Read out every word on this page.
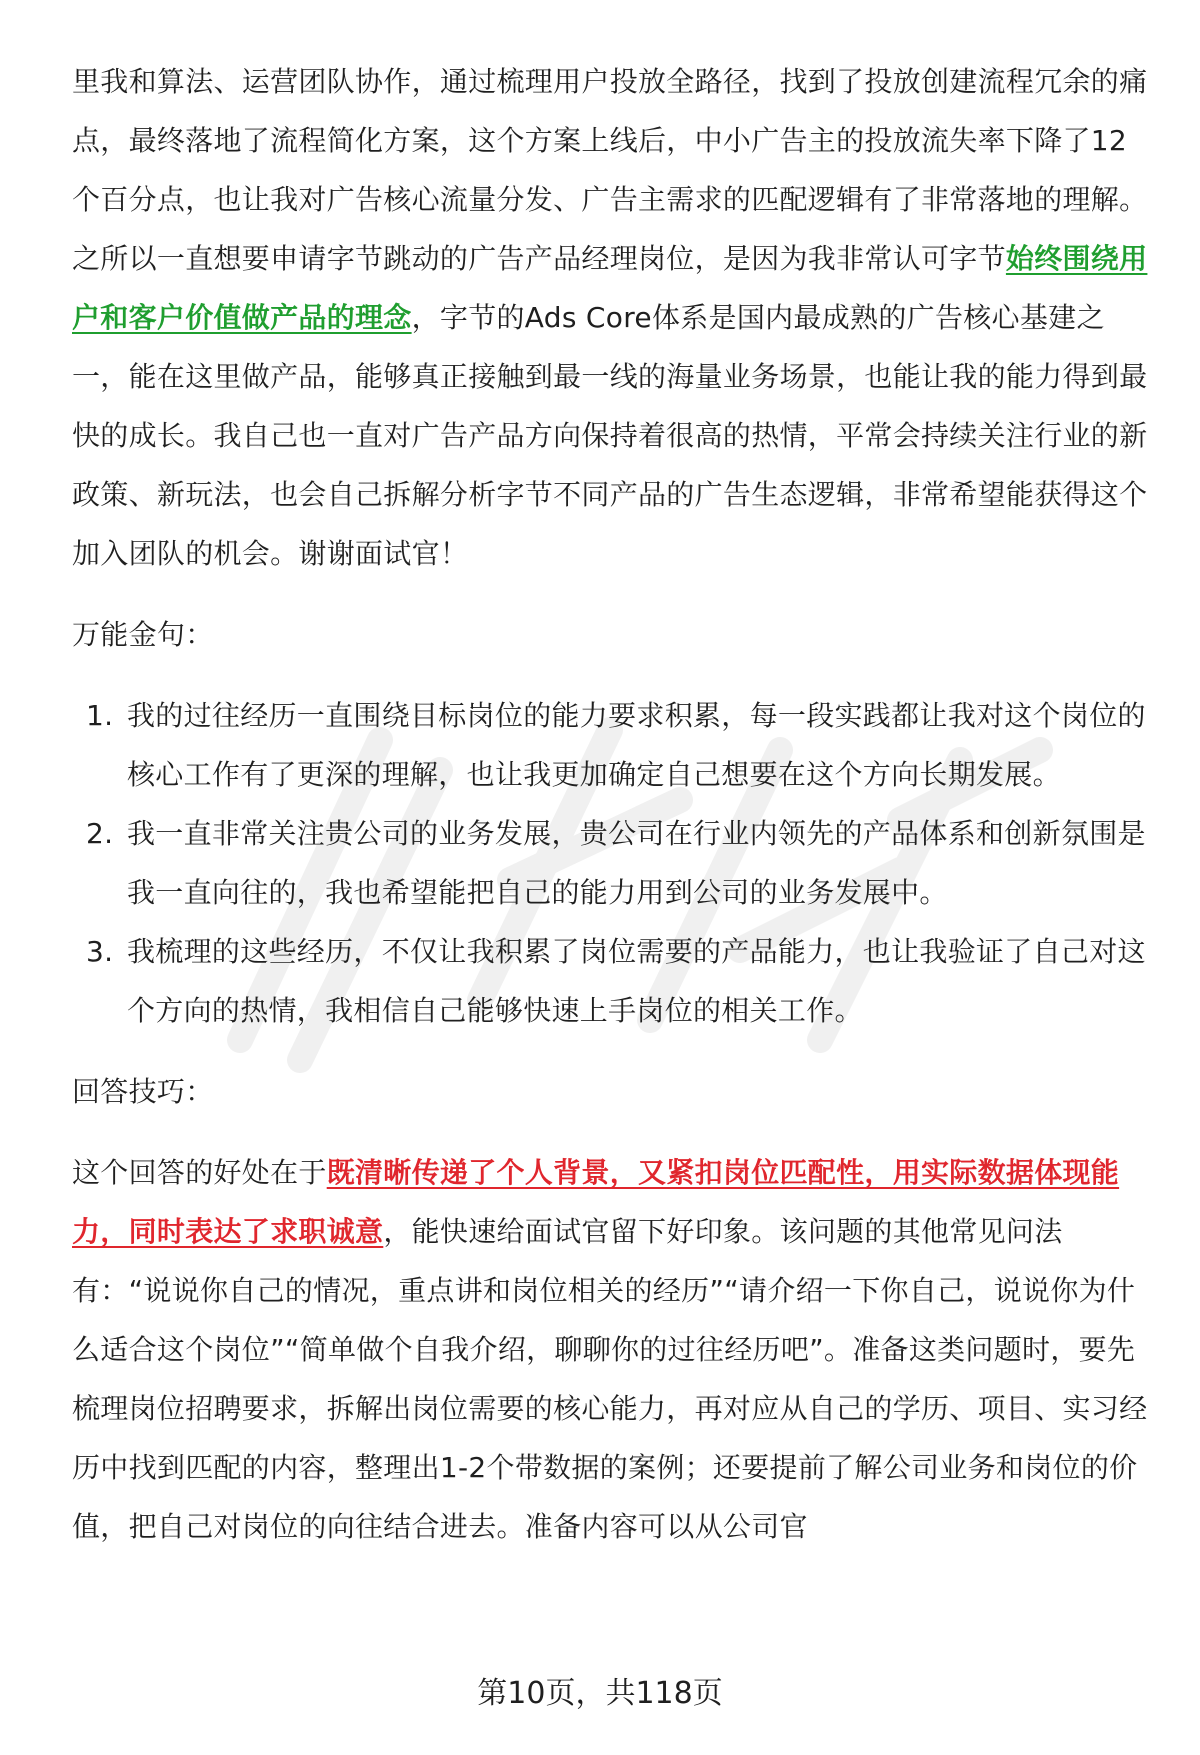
里我和算法、运营团队协作，通过梳理用户投放全路径，找到了投放创建流程冗余的痛点，最终落地了流程简化方案，这个方案上线后，中小广告主的投放流失率下降了12个百分点，也让我对广告核心流量分发、广告主需求的匹配逻辑有了非常落地的理解。之所以一直想要申请字节跳动的广告产品经理岗位，是因为我非常认可字节始终围绕用户和客户价值做产品的理念，字节的Ads Core体系是国内最成熟的广告核心基建之一，能在这里做产品，能够真正接触到最一线的海量业务场景，也能让我的能力得到最快的成长。我自己也一直对广告产品方向保持着很高的热情，平常会持续关注行业的新政策、新玩法，也会自己拆解分析字节不同产品的广告生态逻辑，非常希望能获得这个加入团队的机会。谢谢面试官！

万能金句：

1. 我的过往经历一直围绕目标岗位的能力要求积累，每一段实践都让我对这个岗位的核心工作有了更深的理解，也让我更加确定自己想要在这个方向长期发展。
2. 我一直非常关注贵公司的业务发展，贵公司在行业内领先的产品体系和创新氛围是我一直向往的，我也希望能把自己的能力用到公司的业务发展中。
3. 我梳理的这些经历，不仅让我积累了岗位需要的产品能力，也让我验证了自己对这个方向的热情，我相信自己能够快速上手岗位的相关工作。

回答技巧：

这个回答的好处在于既清晰传递了个人背景，又紧扣岗位匹配性，用实际数据体现能力，同时表达了求职诚意，能快速给面试官留下好印象。该问题的其他常见问法有：“说说你自己的情况，重点讲和岗位相关的经历”“请介绍一下你自己，说说你为什么适合这个岗位”“简单做个自我介绍，聊聊你的过往经历吧”。准备这类问题时，要先梳理岗位招聘要求，拆解出岗位需要的核心能力，再对应从自己的学历、项目、实习经历中找到匹配的内容，整理出1-2个带数据的案例；还要提前了解公司业务和岗位的价值，把自己对岗位的向往结合进去。准备内容可以从公司官

第10页，共118页
